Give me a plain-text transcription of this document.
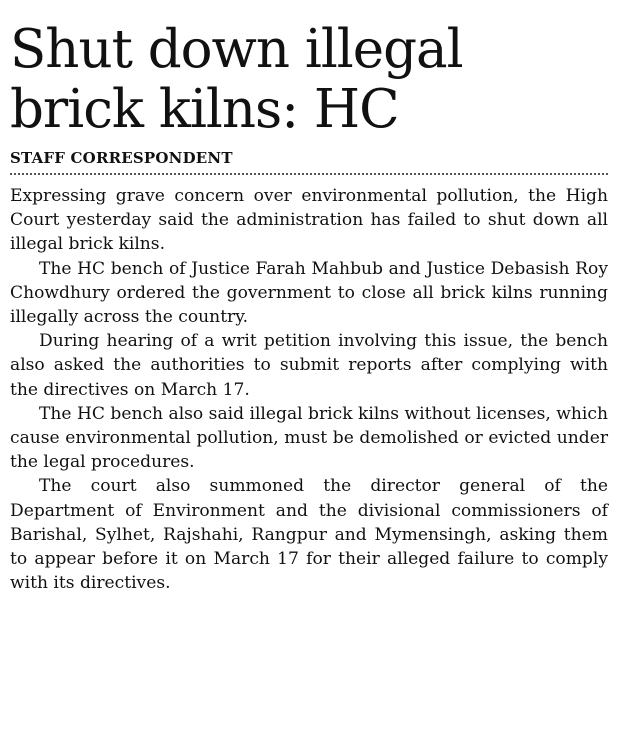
Shut down illegal
brick kilns: HC
STAFF CORRESPONDENT

Expressing grave concern over environmental pollution, the High Court yesterday said the administration has failed to shut down all illegal brick kilns.

The HC bench of Justice Farah Mahbub and Justice Debasish Roy Chowdhury ordered the government to close all brick kilns running illegally across the country.

During hearing of a writ petition involving this issue, the bench also asked the authorities to submit reports after complying with the directives on March 17.

The HC bench also said illegal brick kilns without licenses, which cause environmental pollution, must be demolished or evicted under the legal procedures.

The court also summoned the director general of the Department of Environment and the divisional commissioners of Barishal, Sylhet, Rajshahi, Rangpur and Mymensingh, asking them to appear before it on March 17 for their alleged failure to comply with its directives.
